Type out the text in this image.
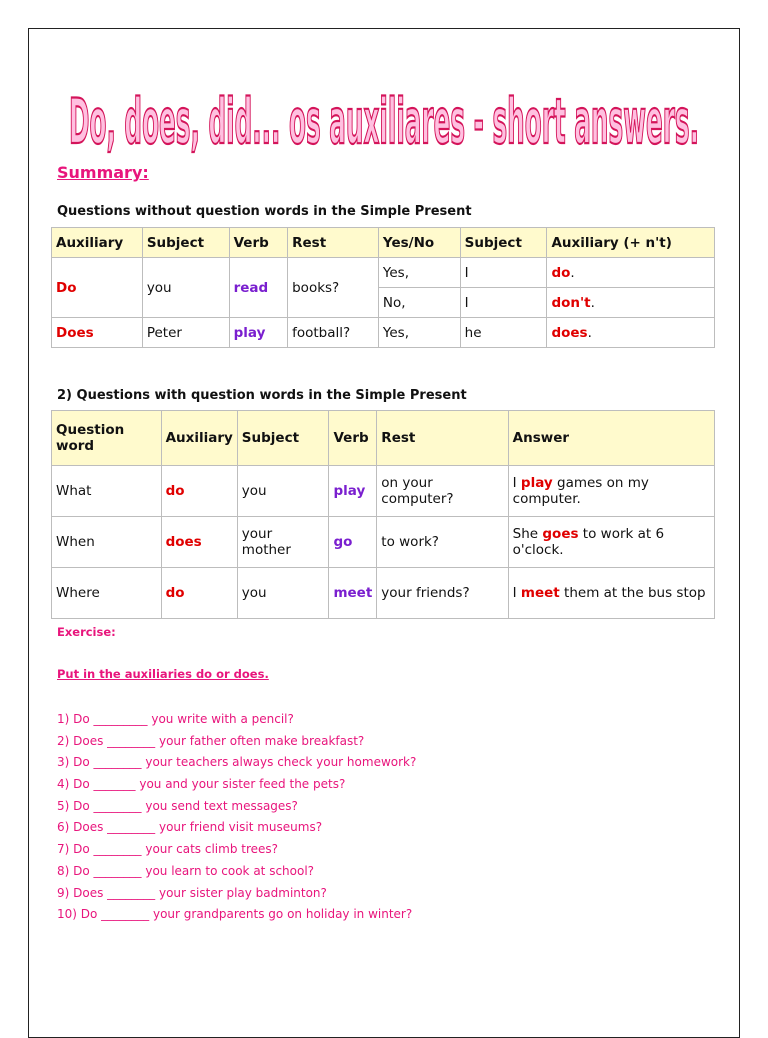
Do, does, did... os auxiliares - short answers.
Summary:
Questions without question words in the Simple Present
Auxiliary	Subject	Verb	Rest	Yes/No	Subject	Auxiliary (+ n't)
Do	you	read	books?	Yes,	I	do.
				No,	I	don't.
Does	Peter	play	football?	Yes,	he	does.
2) Questions with question words in the Simple Present
Question word	Auxiliary	Subject	Verb	Rest	Answer
What	do	you	play	on your computer?	I play games on my computer.
When	does	your mother	go	to work?	She goes to work at 6 o'clock.
Where	do	you	meet	your friends?	I meet them at the bus stop
Exercise:
Put in the auxiliaries do or does.
1) Do _________ you write with a pencil?
2) Does ________ your father often make breakfast?
3) Do ________ your teachers always check your homework?
4) Do _______ you and your sister feed the pets?
5) Do ________ you send text messages?
6) Does ________ your friend visit museums?
7) Do ________ your cats climb trees?
8) Do ________ you learn to cook at school?
9) Does ________ your sister play badminton?
10) Do ________ your grandparents go on holiday in winter?
